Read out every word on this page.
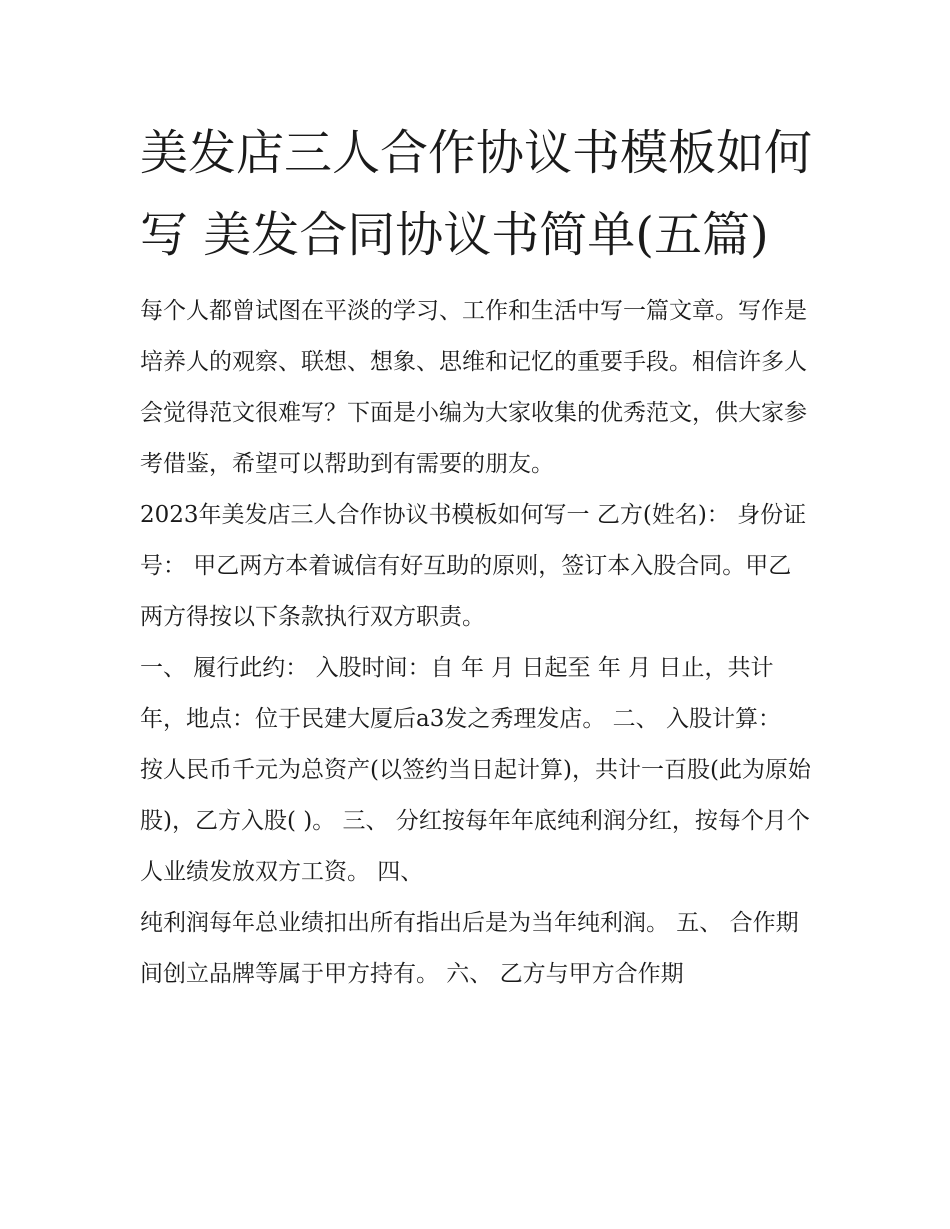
美发店三人合作协议书模板如何写 美发合同协议书简单(五篇)

每个人都曾试图在平淡的学习、工作和生活中写一篇文章。写作是培养人的观察、联想、想象、思维和记忆的重要手段。相信许多人会觉得范文很难写？下面是小编为大家收集的优秀范文，供大家参考借鉴，希望可以帮助到有需要的朋友。

2023年美发店三人合作协议书模板如何写一 乙方(姓名)： 身份证号： 甲乙两方本着诚信有好互助的原则，签订本入股合同。甲乙两方得按以下条款执行双方职责。

一、 履行此约： 入股时间：自 年 月 日起至 年 月 日止，共计 年，地点：位于民建大厦后a3发之秀理发店。 二、 入股计算：

按人民币千元为总资产(以签约当日起计算)，共计一百股(此为原始股)，乙方入股( )。 三、 分红按每年年底纯利润分红，按每个月个人业绩发放双方工资。 四、

纯利润每年总业绩扣出所有指出后是为当年纯利润。 五、 合作期间创立品牌等属于甲方持有。 六、 乙方与甲方合作期
